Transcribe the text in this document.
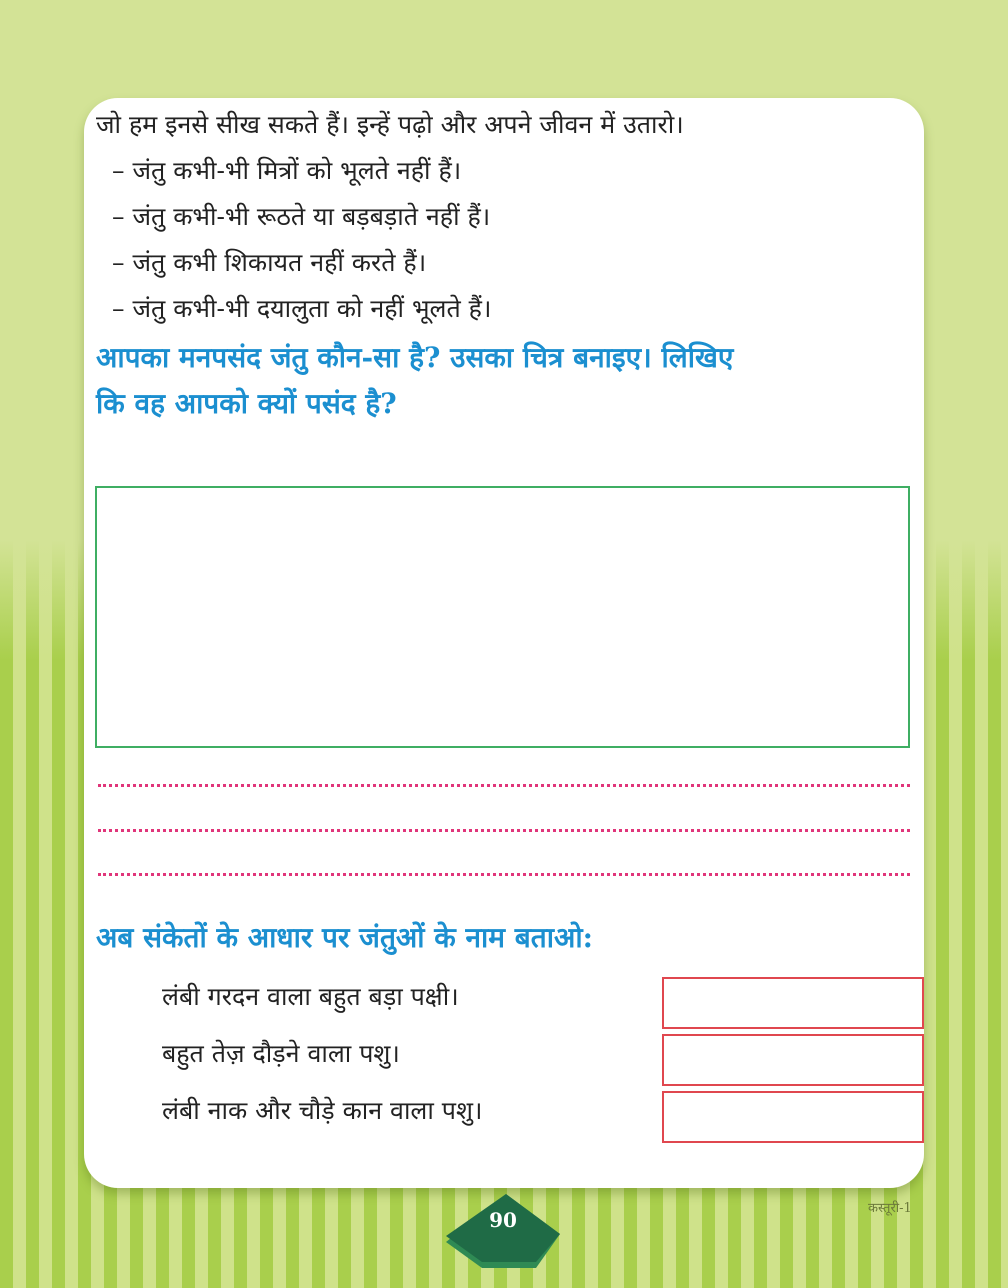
जो हम इनसे सीख सकते हैं। इन्हें पढ़ो और अपने जीवन में उतारो।
– जंतु कभी-भी मित्रों को भूलते नहीं हैं।
– जंतु कभी-भी रूठते या बड़बड़ाते नहीं हैं।
– जंतु कभी शिकायत नहीं करते हैं।
– जंतु कभी-भी दयालुता को नहीं भूलते हैं।
आपका मनपसंद जंतु कौन-सा है? उसका चित्र बनाइए। लिखिए
कि वह आपको क्यों पसंद है?
अब संकेतों के आधार पर जंतुओं के नाम बताओ:
लंबी गरदन वाला बहुत बड़ा पक्षी।
बहुत तेज़ दौड़ने वाला पशु।
लंबी नाक और चौड़े कान वाला पशु।
90	कस्तूरी-1
